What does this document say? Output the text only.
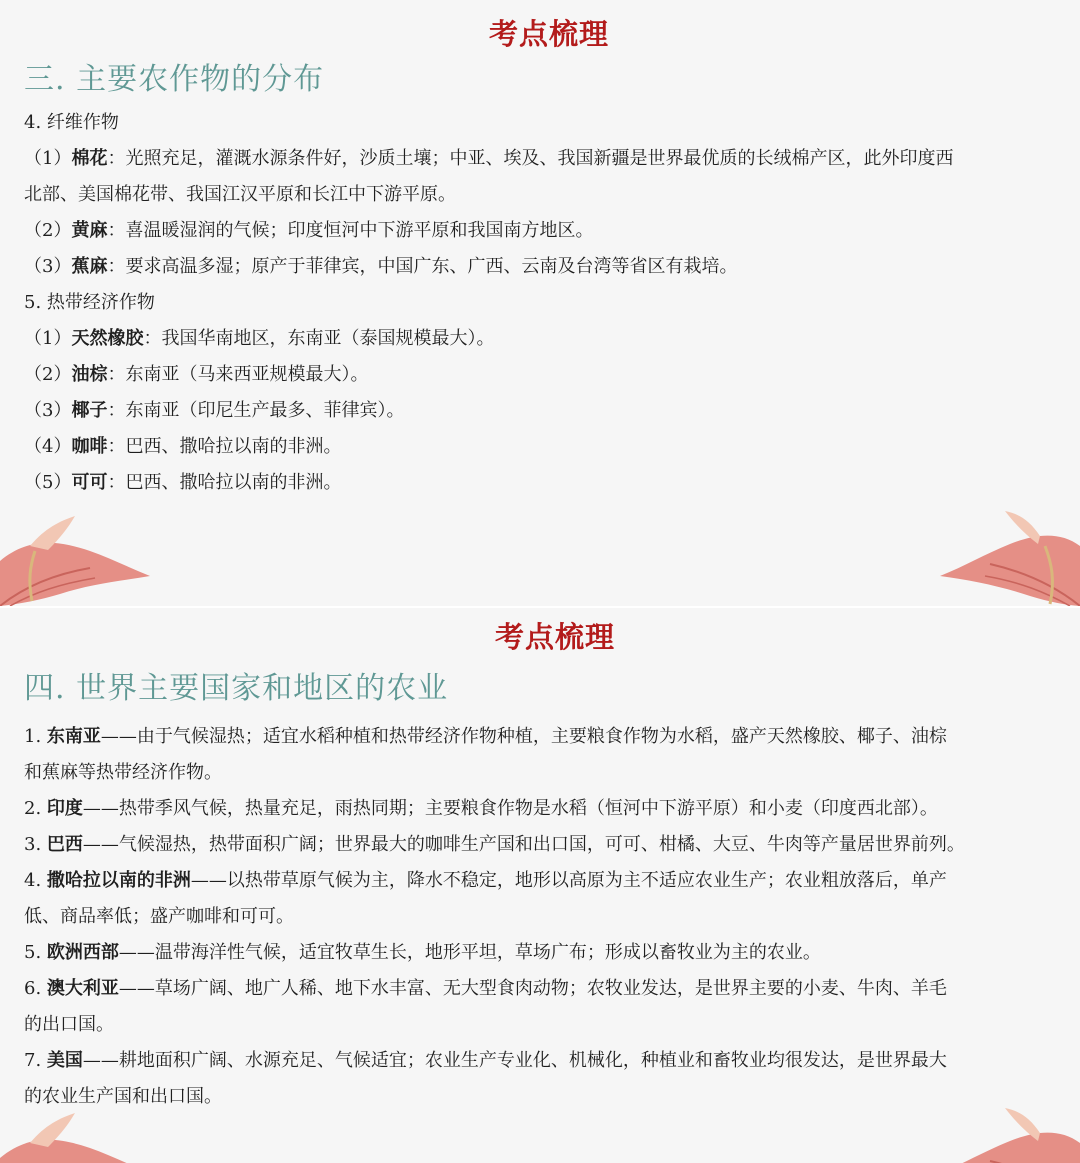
考点梳理
三. 主要农作物的分布
4. 纤维作物
（1）棉花：光照充足，灌溉水源条件好，沙质土壤；中亚、埃及、我国新疆是世界最优质的长绒棉产区，此外印度西
北部、美国棉花带、我国江汉平原和长江中下游平原。
（2）黄麻：喜温暖湿润的气候；印度恒河中下游平原和我国南方地区。
（3）蕉麻：要求高温多湿；原产于菲律宾，中国广东、广西、云南及台湾等省区有栽培。
5. 热带经济作物
（1）天然橡胶：我国华南地区，东南亚（泰国规模最大）。
（2）油棕：东南亚（马来西亚规模最大）。
（3）椰子：东南亚（印尼生产最多、菲律宾）。
（4）咖啡：巴西、撒哈拉以南的非洲。
（5）可可：巴西、撒哈拉以南的非洲。
考点梳理
四. 世界主要国家和地区的农业
1. 东南亚——由于气候湿热；适宜水稻种植和热带经济作物种植，主要粮食作物为水稻，盛产天然橡胶、椰子、油棕
和蕉麻等热带经济作物。
2. 印度——热带季风气候，热量充足，雨热同期；主要粮食作物是水稻（恒河中下游平原）和小麦（印度西北部）。
3. 巴西——气候湿热，热带面积广阔；世界最大的咖啡生产国和出口国，可可、柑橘、大豆、牛肉等产量居世界前列。
4. 撒哈拉以南的非洲——以热带草原气候为主，降水不稳定，地形以高原为主不适应农业生产；农业粗放落后，单产
低、商品率低；盛产咖啡和可可。
5. 欧洲西部——温带海洋性气候，适宜牧草生长，地形平坦，草场广布；形成以畜牧业为主的农业。
6. 澳大利亚——草场广阔、地广人稀、地下水丰富、无大型食肉动物；农牧业发达，是世界主要的小麦、牛肉、羊毛
的出口国。
7. 美国——耕地面积广阔、水源充足、气候适宜；农业生产专业化、机械化，种植业和畜牧业均很发达，是世界最大
的农业生产国和出口国。
